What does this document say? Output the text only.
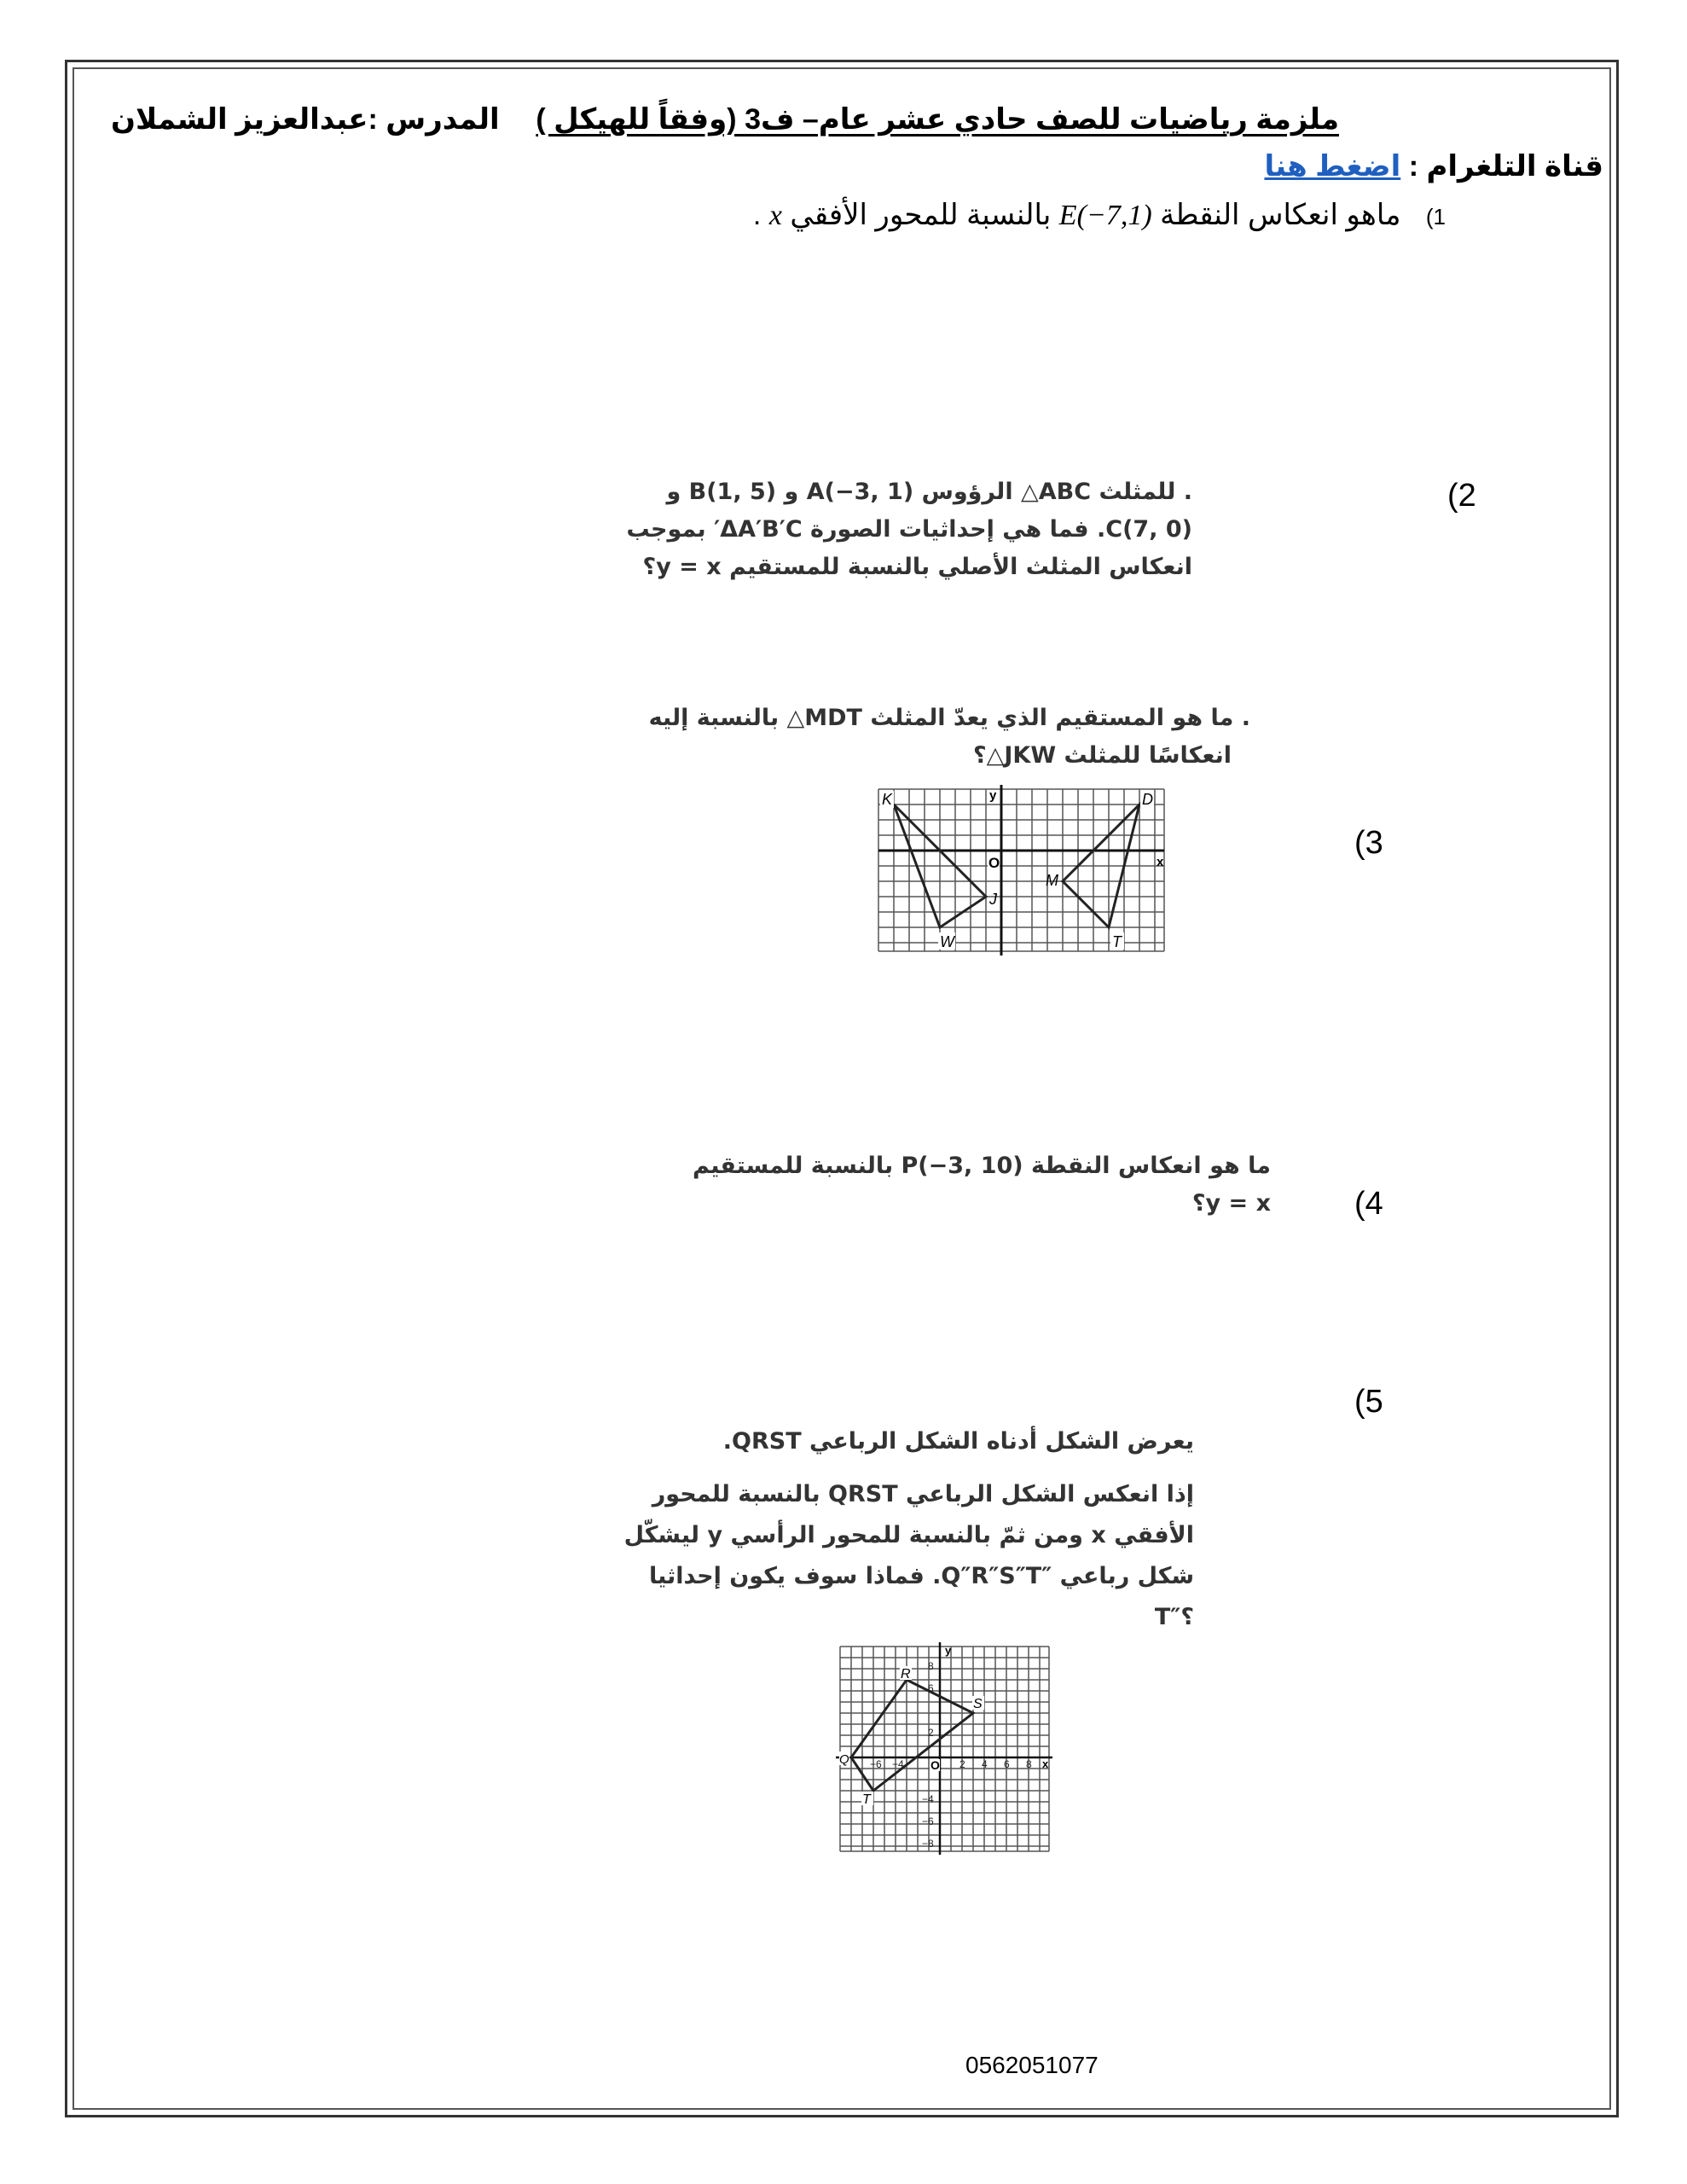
ملزمة رياضيات للصف حادي عشر عام– ف3 (وفقاً للهيكل )
المدرس :عبدالعزيز الشملان
قناة التلغرام : اضغط هنا
1) ماهو انعكاس النقطة E(−7,1) بالنسبة للمحور الأفقي x .
(2
. للمثلث ABC△ الرؤوس (A(−3, 1 و (B(1, 5 و
(C(7, 0. فما هي إحداثيات الصورة ΔA′B′C′ بموجب
انعكاس المثلث الأصلي بالنسبة للمستقيم y = x؟
(3
. ما هو المستقيم الذي يعدّ المثلث MDT△ بالنسبة إليه
انعكاسًا للمثلث JKW△؟
K
W
J
O
M
D
T
x
y
(4
ما هو انعكاس النقطة (P(−3, 10 بالنسبة للمستقيم
y = x؟
(5
يعرض الشكل أدناه الشكل الرباعي QRST.
إذا انعكس الشكل الرباعي QRST بالنسبة للمحور
الأفقي x ومن ثمّ بالنسبة للمحور الرأسي y ليشكّل
شكل رباعي ″Q″R″S″T. فماذا سوف يكون إحداثيا
؟″T
R
S
Q
T
O	x
y
−6 −4	2 4 6 8
8
6
2
−4
−6
−8
0562051077
